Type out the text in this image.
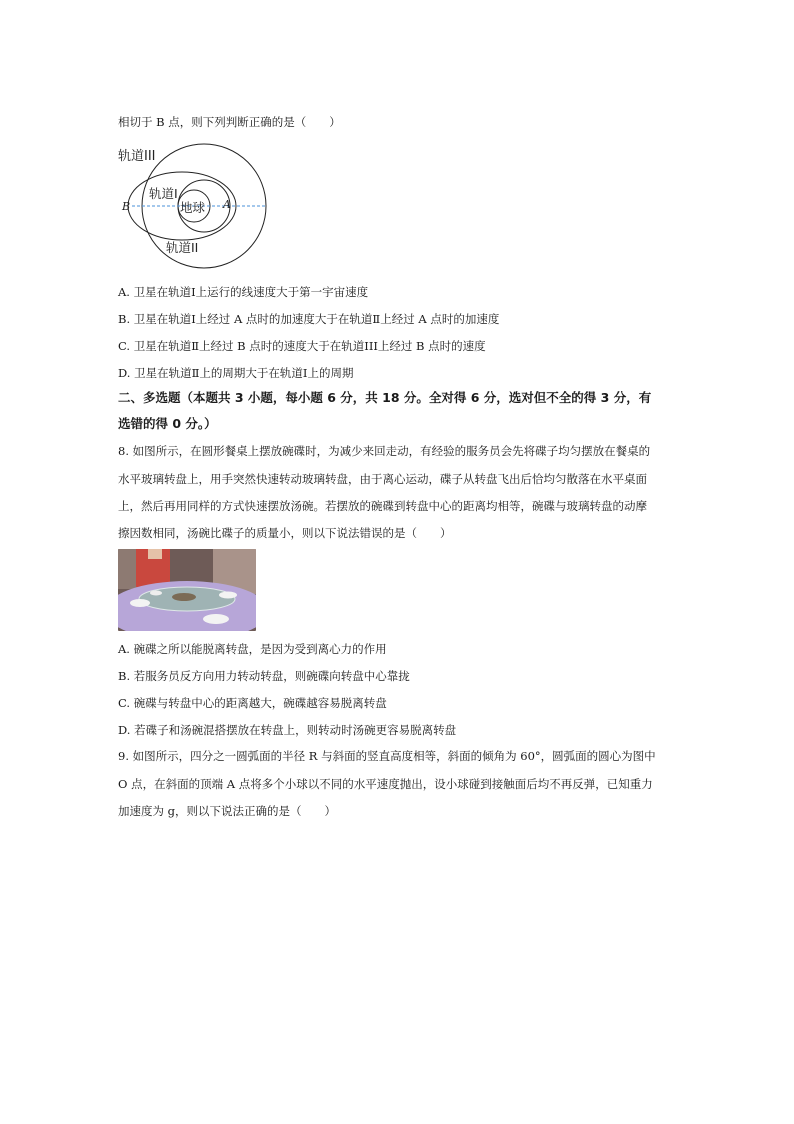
相切于 B 点，则下列判断正确的是（　　）
轨道III
轨道I
地球
轨道II
A
B
A. 卫星在轨道Ⅰ上运行的线速度大于第一宇宙速度
B. 卫星在轨道Ⅰ上经过 A 点时的加速度大于在轨道Ⅱ上经过 A 点时的加速度
C. 卫星在轨道Ⅱ上经过 B 点时的速度大于在轨道III上经过 B 点时的速度
D. 卫星在轨道Ⅱ上的周期大于在轨道Ⅰ上的周期
二、多选题（本题共 3 小题，每小题 6 分，共 18 分。全对得 6 分，选对但不全的得 3 分，有
选错的得 0 分。）
8. 如图所示，在圆形餐桌上摆放碗碟时，为减少来回走动，有经验的服务员会先将碟子均匀摆放在餐桌的
水平玻璃转盘上，用手突然快速转动玻璃转盘，由于离心运动，碟子从转盘飞出后恰均匀散落在水平桌面
上，然后再用同样的方式快速摆放汤碗。若摆放的碗碟到转盘中心的距离均相等，碗碟与玻璃转盘的动摩
擦因数相同，汤碗比碟子的质量小，则以下说法错误的是（　　）
A. 碗碟之所以能脱离转盘，是因为受到离心力的作用
B. 若服务员反方向用力转动转盘，则碗碟向转盘中心靠拢
C. 碗碟与转盘中心的距离越大，碗碟越容易脱离转盘
D. 若碟子和汤碗混搭摆放在转盘上，则转动时汤碗更容易脱离转盘
9. 如图所示，四分之一圆弧面的半径 R 与斜面的竖直高度相等，斜面的倾角为 60°，圆弧面的圆心为图中
O 点，在斜面的顶端 A 点将多个小球以不同的水平速度抛出，设小球碰到接触面后均不再反弹，已知重力
加速度为 g，则以下说法正确的是（　　）
